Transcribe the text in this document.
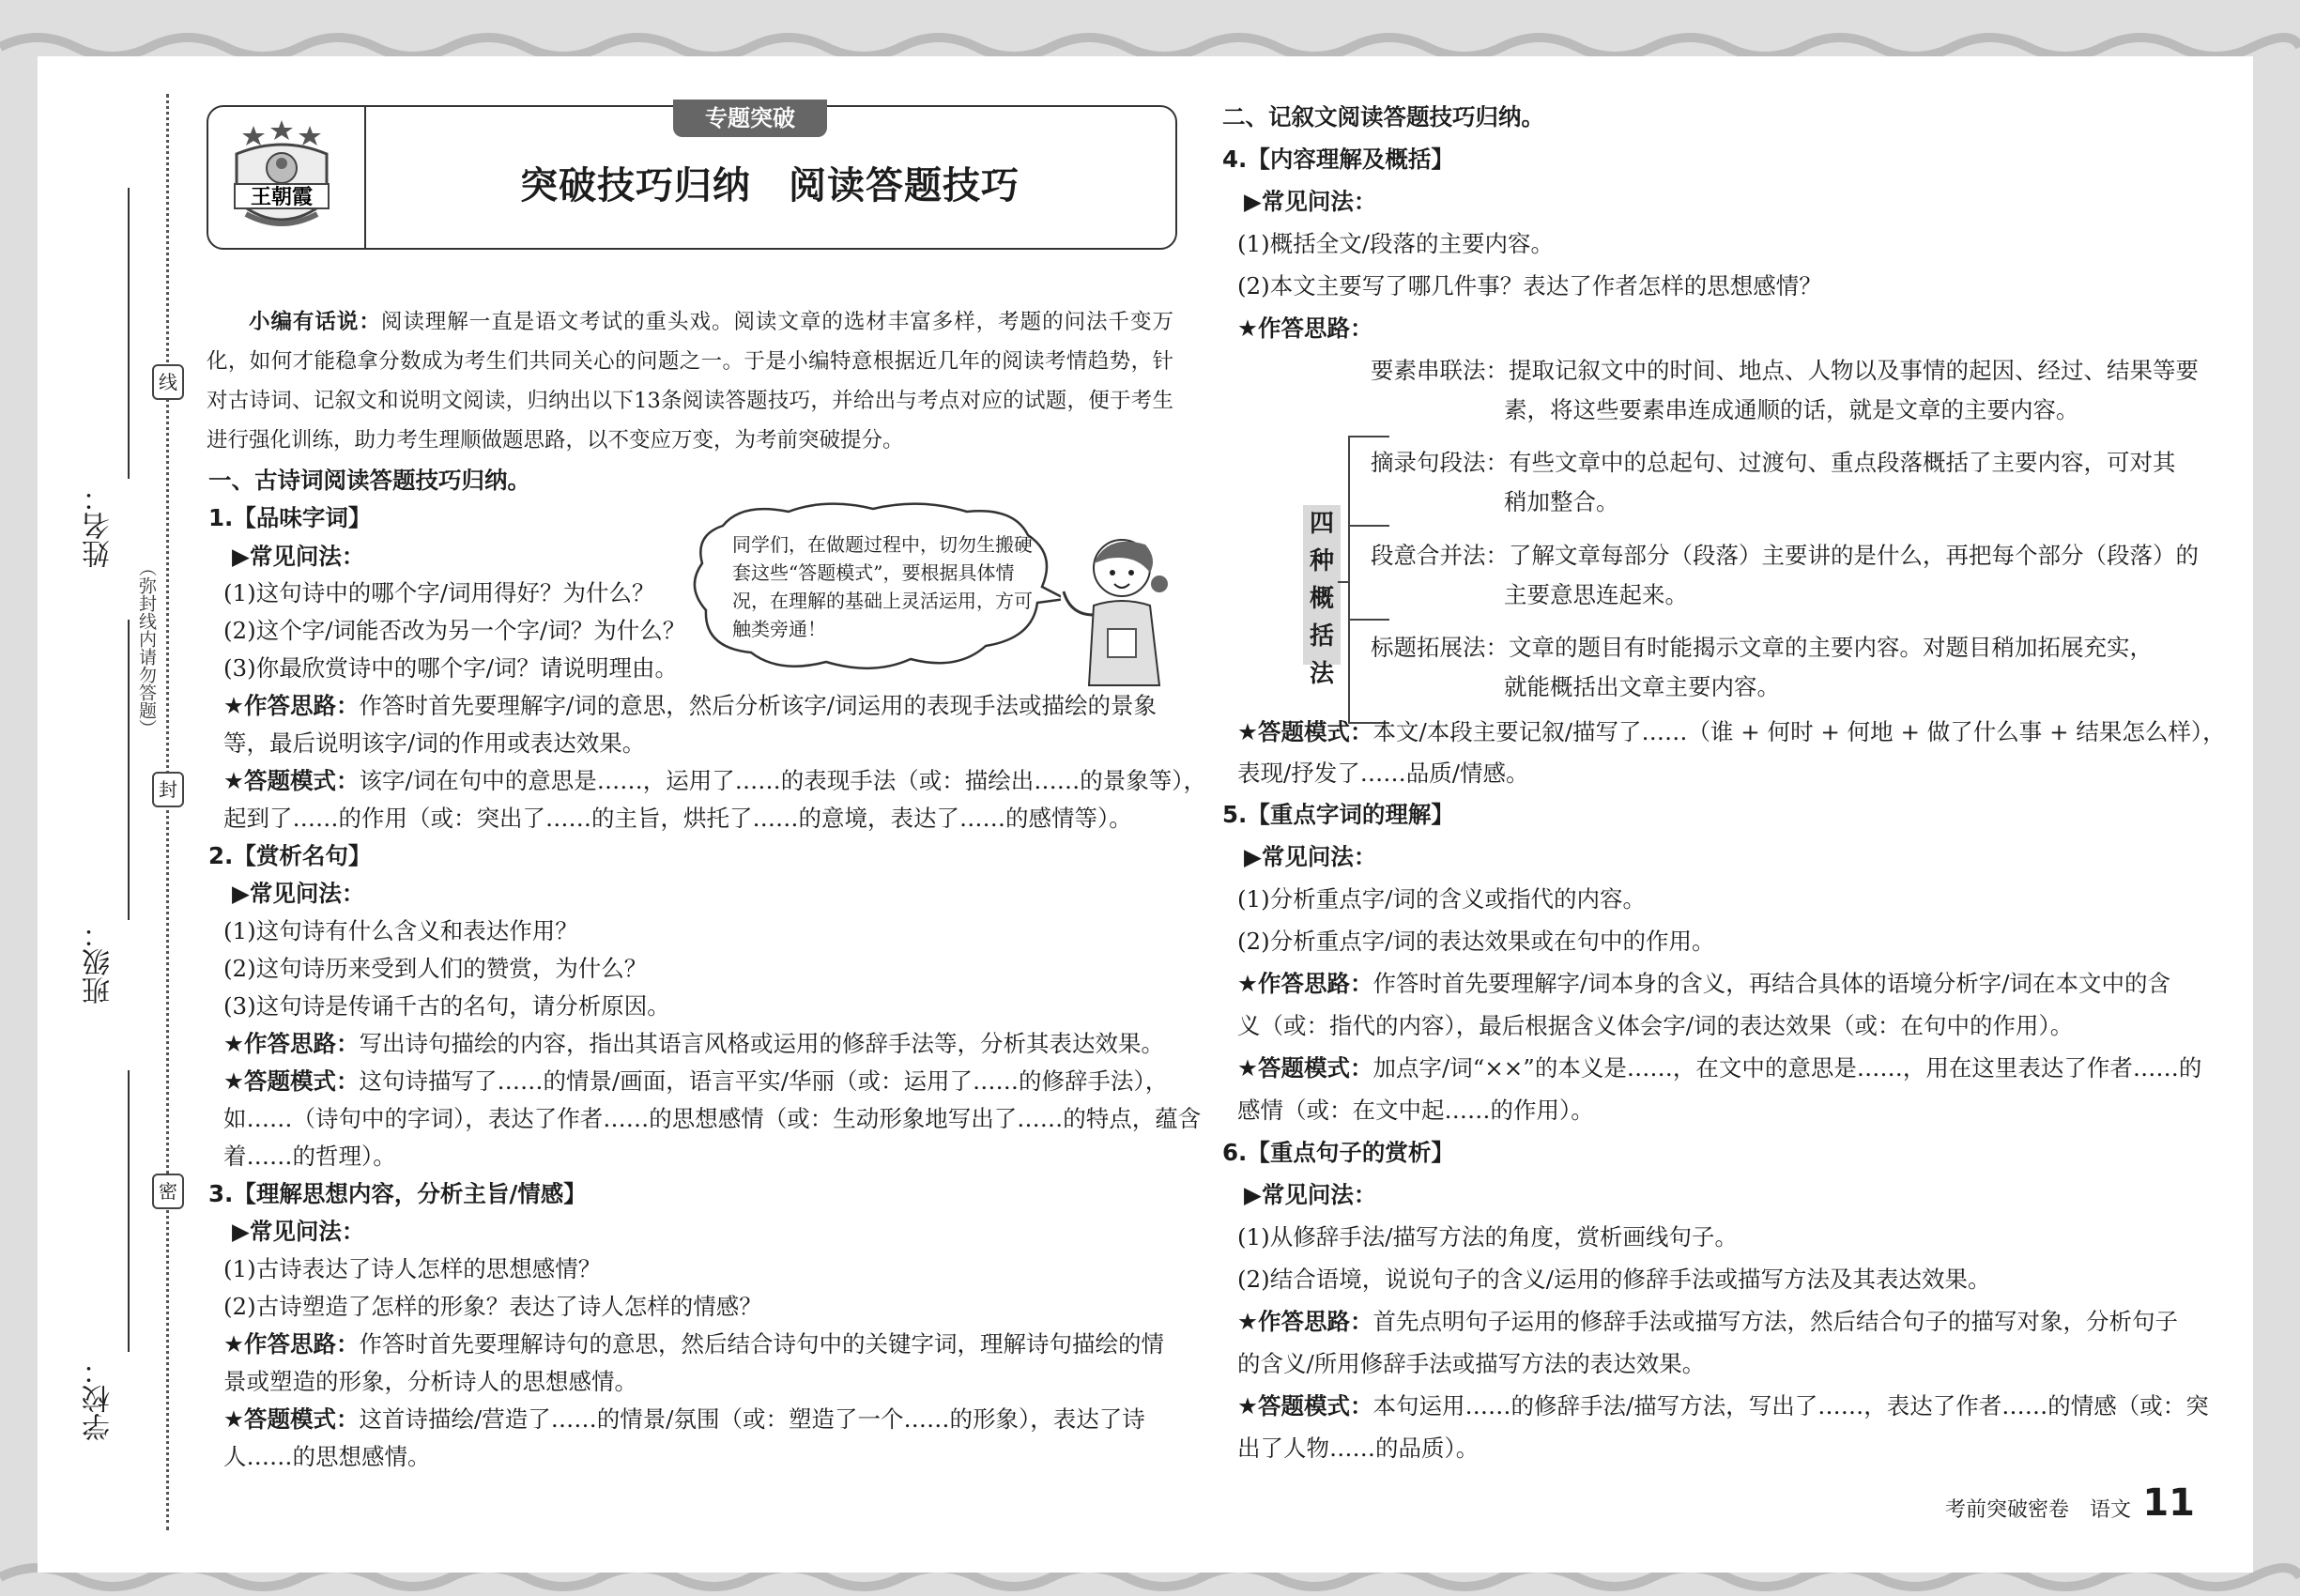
姓名：
班级：
学校：
线
封
密
（弥封线内请勿答题）
专题突破
王朝霞	突破技巧归纳 阅读答题技巧
小编有话说：阅读理解一直是语文考试的重头戏。阅读文章的选材丰富多样，考题的问法千变万化，如何才能稳拿分数成为考生们共同关心的问题之一。于是小编特意根据近几年的阅读考情趋势，针对古诗词、记叙文和说明文阅读，归纳出以下13条阅读答题技巧，并给出与考点对应的试题，便于考生进行强化训练，助力考生理顺做题思路，以不变应万变，为考前突破提分。
同学们，在做题过程中，切勿生搬硬套这些“答题模式”，要根据具体情况，在理解的基础上灵活运用，方可触类旁通！
一、古诗词阅读答题技巧归纳。
1.【品味字词】
▶常见问法：
(1)这句诗中的哪个字/词用得好？为什么？
(2)这个字/词能否改为另一个字/词？为什么？
(3)你最欣赏诗中的哪个字/词？请说明理由。
★作答思路：作答时首先要理解字/词的意思，然后分析该字/词运用的表现手法或描绘的景象
等，最后说明该字/词的作用或表达效果。
★答题模式：该字/词在句中的意思是……，运用了……的表现手法（或：描绘出……的景象等），
起到了……的作用（或：突出了……的主旨，烘托了……的意境，表达了……的感情等）。
2.【赏析名句】
▶常见问法：
(1)这句诗有什么含义和表达作用？
(2)这句诗历来受到人们的赞赏，为什么？
(3)这句诗是传诵千古的名句，请分析原因。
★作答思路：写出诗句描绘的内容，指出其语言风格或运用的修辞手法等，分析其表达效果。
★答题模式：这句诗描写了……的情景/画面，语言平实/华丽（或：运用了……的修辞手法），
如……（诗句中的字词），表达了作者……的思想感情（或：生动形象地写出了……的特点，蕴含
着……的哲理）。
3.【理解思想内容，分析主旨/情感】
▶常见问法：
(1)古诗表达了诗人怎样的思想感情？
(2)古诗塑造了怎样的形象？表达了诗人怎样的情感？
★作答思路：作答时首先要理解诗句的意思，然后结合诗句中的关键字词，理解诗句描绘的情
景或塑造的形象，分析诗人的思想感情。
★答题模式：这首诗描绘/营造了……的情景/氛围（或：塑造了一个……的形象），表达了诗
人……的思想感情。
二、记叙文阅读答题技巧归纳。
4.【内容理解及概括】
▶常见问法：
(1)概括全文/段落的主要内容。
(2)本文主要写了哪几件事？表达了作者怎样的思想感情？
★作答思路：
四种概括法
要素串联法：提取记叙文中的时间、地点、人物以及事情的起因、经过、结果等要
素，将这些要素串连成通顺的话，就是文章的主要内容。
摘录句段法：有些文章中的总起句、过渡句、重点段落概括了主要内容，可对其
稍加整合。
段意合并法：了解文章每部分（段落）主要讲的是什么，再把每个部分（段落）的
主要意思连起来。
标题拓展法：文章的题目有时能揭示文章的主要内容。对题目稍加拓展充实，
就能概括出文章主要内容。
★答题模式：本文/本段主要记叙/描写了……（谁 + 何时 + 何地 + 做了什么事 + 结果怎么样），
表现/抒发了……品质/情感。
5.【重点字词的理解】
▶常见问法：
(1)分析重点字/词的含义或指代的内容。
(2)分析重点字/词的表达效果或在句中的作用。
★作答思路：作答时首先要理解字/词本身的含义，再结合具体的语境分析字/词在本文中的含
义（或：指代的内容），最后根据含义体会字/词的表达效果（或：在句中的作用）。
★答题模式：加点字/词“××”的本义是……，在文中的意思是……，用在这里表达了作者……的
感情（或：在文中起……的作用）。
6.【重点句子的赏析】
▶常见问法：
(1)从修辞手法/描写方法的角度，赏析画线句子。
(2)结合语境，说说句子的含义/运用的修辞手法或描写方法及其表达效果。
★作答思路：首先点明句子运用的修辞手法或描写方法，然后结合句子的描写对象，分析句子
的含义/所用修辞手法或描写方法的表达效果。
★答题模式：本句运用……的修辞手法/描写方法，写出了……，表达了作者……的情感（或：突
出了人物……的品质）。
考前突破密卷　语文 11
